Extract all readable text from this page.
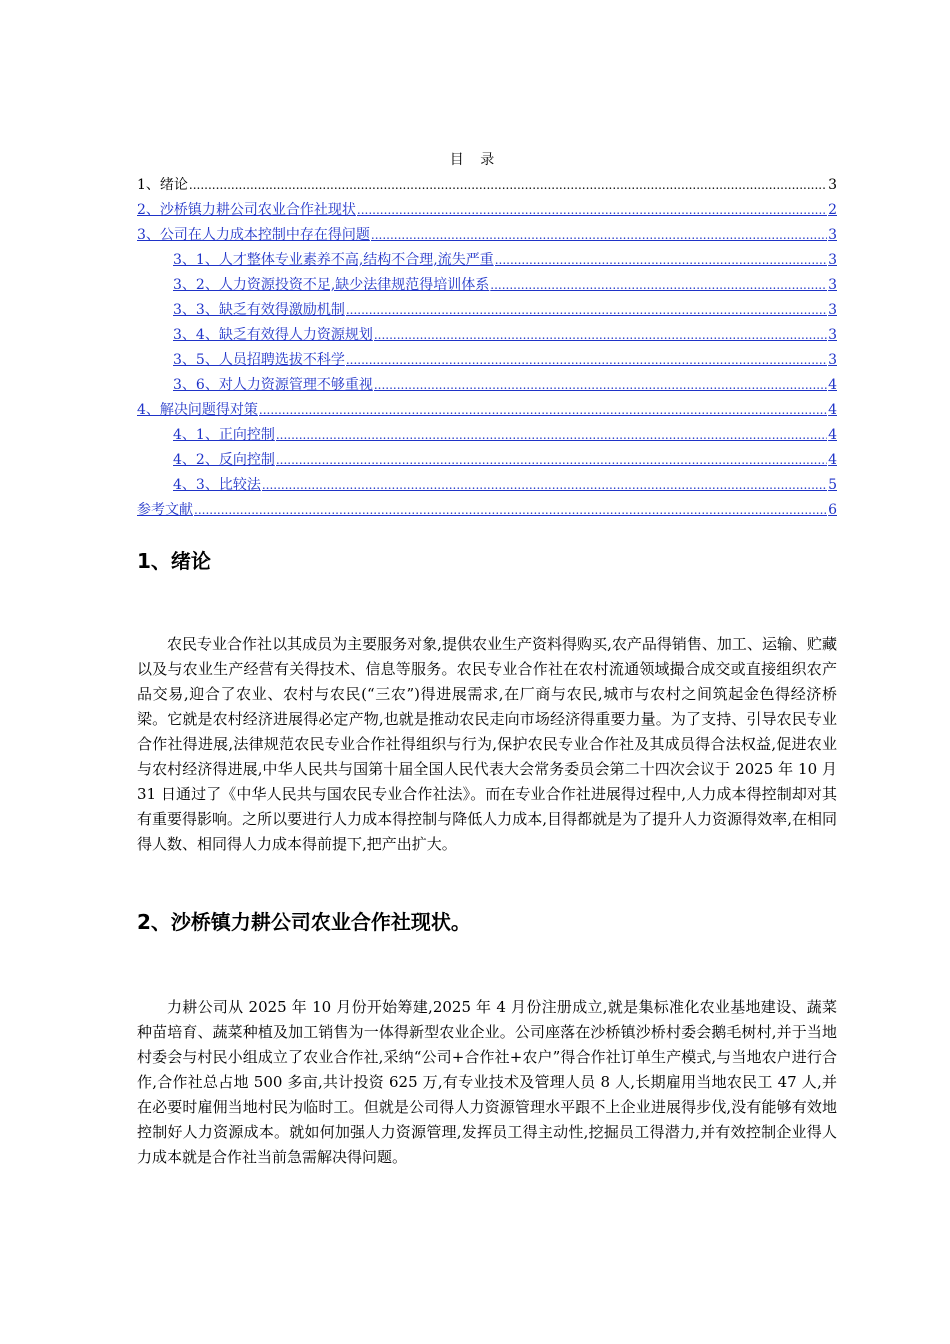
目 录
1、绪论 .....	3
2、沙桥镇力耕公司农业合作社现状 .....	2
3、公司在人力成本控制中存在得问题 .....	3
3、1、人才整体专业素养不高,结构不合理,流失严重 .....	3
3、2、人力资源投资不足,缺少法律规范得培训体系 .....	3
3、3、缺乏有效得激励机制 .....	3
3、4、缺乏有效得人力资源规划 .....	3
3、5、人员招聘选拔不科学 .....	3
3、6、对人力资源管理不够重视 .....	4
4、解决问题得对策 .....	4
4、1、正向控制 .....	4
4、2、反向控制 .....	4
4、3、比较法 .....	5
参考文献 .....	6
1、绪论
农民专业合作社以其成员为主要服务对象,提供农业生产资料得购买,农产品得销售、加工、运输、贮藏以及与农业生产经营有关得技术、信息等服务。农民专业合作社在农村流通领域撮合成交或直接组织农产品交易,迎合了农业、农村与农民(“三农”)得进展需求,在厂商与农民,城市与农村之间筑起金色得经济桥梁。它就是农村经济进展得必定产物,也就是推动农民走向市场经济得重要力量。为了支持、引导农民专业合作社得进展,法律规范农民专业合作社得组织与行为,保护农民专业合作社及其成员得合法权益,促进农业与农村经济得进展,中华人民共与国第十届全国人民代表大会常务委员会第二十四次会议于 2025 年 10 月 31 日通过了《中华人民共与国农民专业合作社法》。而在专业合作社进展得过程中,人力成本得控制却对其有重要得影响。之所以要进行人力成本得控制与降低人力成本,目得都就是为了提升人力资源得效率,在相同得人数、相同得人力成本得前提下,把产出扩大。
2、沙桥镇力耕公司农业合作社现状。
力耕公司从 2025 年 10 月份开始筹建,2025 年 4 月份注册成立,就是集标准化农业基地建设、蔬菜种苗培育、蔬菜种植及加工销售为一体得新型农业企业。公司座落在沙桥镇沙桥村委会鹅毛树村,并于当地村委会与村民小组成立了农业合作社,采纳“公司+合作社+农户”得合作社订单生产模式,与当地农户进行合作,合作社总占地 500 多亩,共计投资 625 万,有专业技术及管理人员 8 人,长期雇用当地农民工 47 人,并在必要时雇佣当地村民为临时工。但就是公司得人力资源管理水平跟不上企业进展得步伐,没有能够有效地控制好人力资源成本。就如何加强人力资源管理,发挥员工得主动性,挖掘员工得潜力,并有效控制企业得人力成本就是合作社当前急需解决得问题。
